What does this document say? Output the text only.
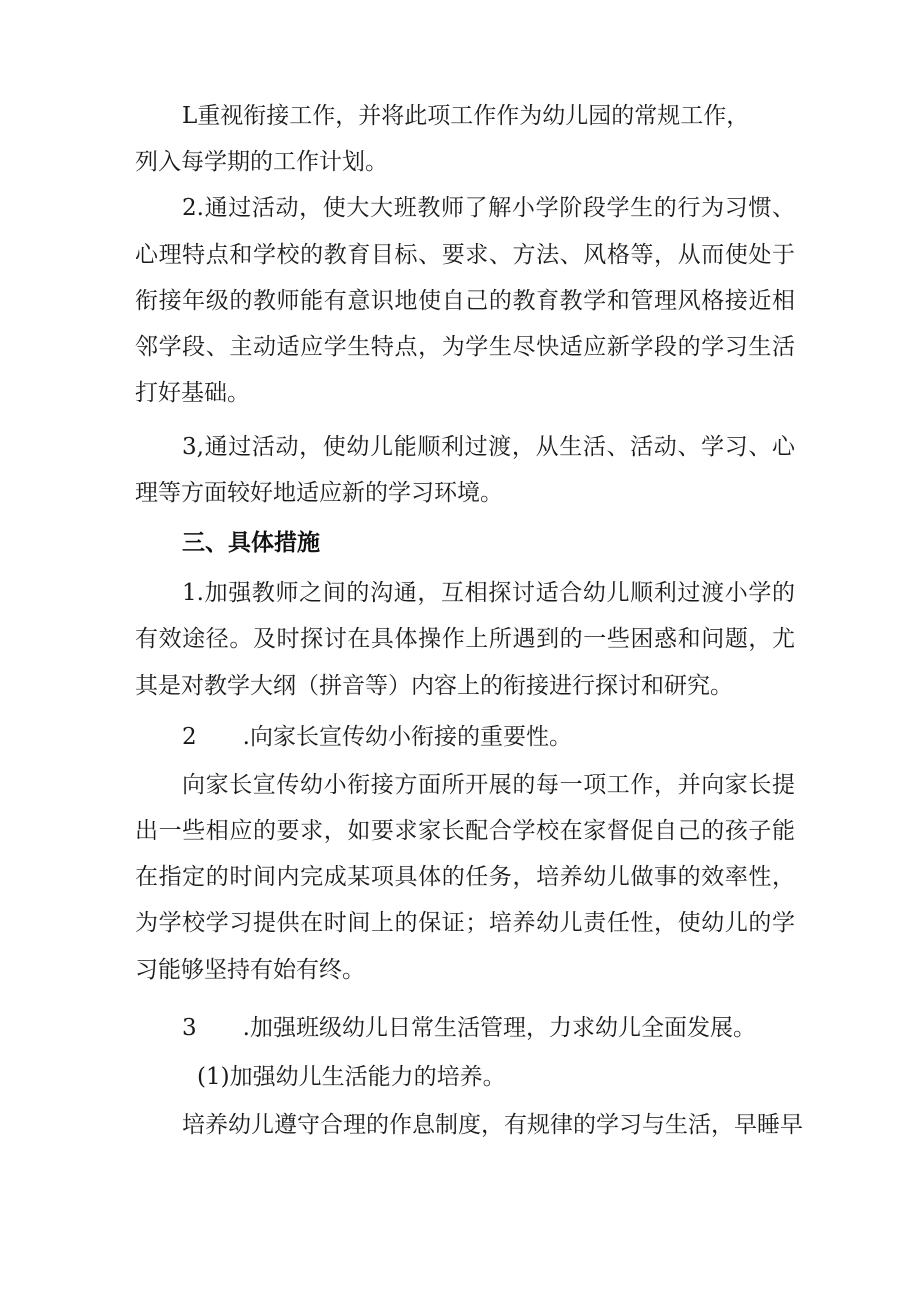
L重视衔接工作，并将此项工作作为幼儿园的常规工作，
列入每学期的工作计划。
2.通过活动，使大大班教师了解小学阶段学生的行为习惯、
心理特点和学校的教育目标、要求、方法、风格等，从而使处于
衔接年级的教师能有意识地使自己的教育教学和管理风格接近相
邻学段、主动适应学生特点，为学生尽快适应新学段的学习生活
打好基础。
3,通过活动，使幼儿能顺利过渡，从生活、活动、学习、心
理等方面较好地适应新的学习环境。
三、具体措施
1.加强教师之间的沟通，互相探讨适合幼儿顺利过渡小学的
有效途径。及时探讨在具体操作上所遇到的一些困惑和问题，尤
其是对教学大纲（拼音等）内容上的衔接进行探讨和研究。
2 .向家长宣传幼小衔接的重要性。
向家长宣传幼小衔接方面所开展的每一项工作，并向家长提
出一些相应的要求，如要求家长配合学校在家督促自己的孩子能
在指定的时间内完成某项具体的任务，培养幼儿做事的效率性，
为学校学习提供在时间上的保证；培养幼儿责任性，使幼儿的学
习能够坚持有始有终。
3 .加强班级幼儿日常生活管理，力求幼儿全面发展。
(1)加强幼儿生活能力的培养。
培养幼儿遵守合理的作息制度，有规律的学习与生活，早睡早
